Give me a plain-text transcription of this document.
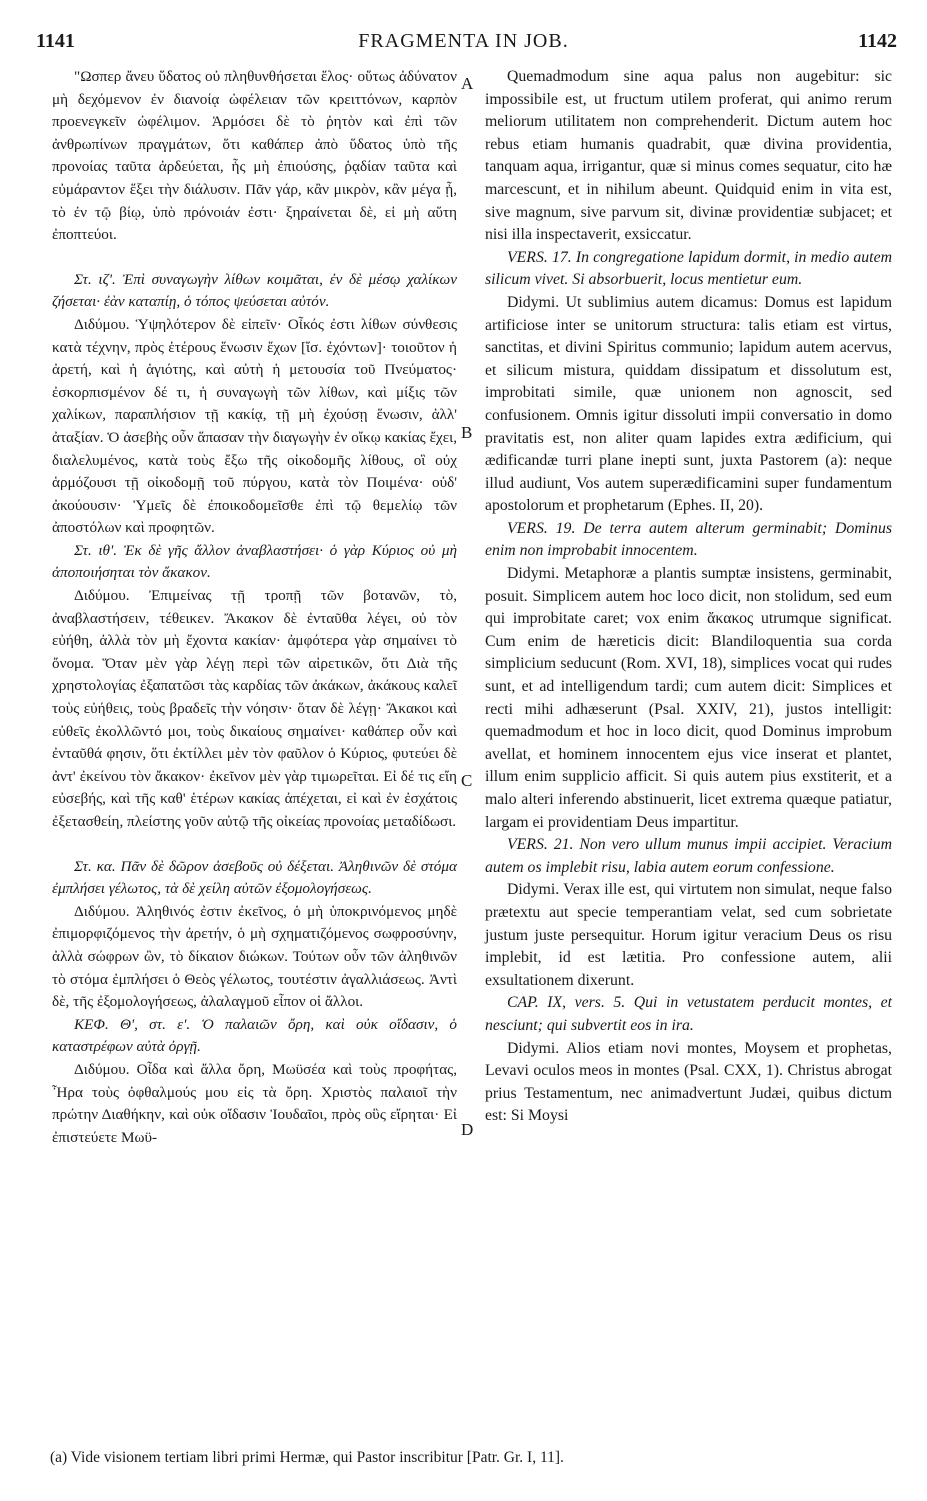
1141	FRAGMENTA IN JOB.	1142

"Ωσπερ ἄνευ ὕδατος οὐ πληθυνθήσεται ἕλος· οὕτως ἀδύνατον μὴ δεχόμενον ἐν διανοίᾳ ὠφέλειαν τῶν κρειττόνων, καρπὸν προενεγκεῖν ὠφέλιμον. Ἁρμόσει δὲ τὸ ῥητὸν καὶ ἐπὶ τῶν ἀνθρωπίνων πραγμάτων, ὅτι καθάπερ ἀπὸ ὕδατος ὑπὸ τῆς προνοίας ταῦτα ἀρδεύεται, ἧς μὴ ἐπιούσης, ῥᾳδίαν ταῦτα καὶ εὐμάραντον ἕξει τὴν διάλυσιν. Πᾶν γάρ, κἂν μικρὸν, κἂν μέγα ᾖ, τὸ ἐν τῷ βίῳ, ὑπὸ πρόνοιάν ἐστι· ξηραίνεται δὲ, εἰ μὴ αὕτη ἐποπτεύοι.

Στ. ιζ'. Ἐπὶ συναγωγὴν λίθων κοιμᾶται, ἐν δὲ μέσῳ χαλίκων ζήσεται· ἐὰν καταπίῃ, ὁ τόπος ψεύσεται αὐτόν.

Διδύμου. Ὑψηλότερον δὲ εἰπεῖν· Οἶκός ἐστι λίθων σύνθεσις κατὰ τέχνην, πρὸς ἑτέρους ἕνωσιν ἔχων [ἴσ. ἐχόντων]· τοιοῦτον ἡ ἀρετή, καὶ ἡ ἁγιότης, καὶ αὐτὴ ἡ μετουσία τοῦ Πνεύματος· ἐσκορπισμένον δέ τι, ἡ συναγωγὴ τῶν λίθων, καὶ μίξις τῶν χαλίκων, παραπλήσιον τῇ κακίᾳ, τῇ μὴ ἐχούσῃ ἕνωσιν, ἀλλ' ἀταξίαν. Ὁ ἀσεβὴς οὖν ἅπασαν τὴν διαγωγὴν ἐν οἴκῳ κακίας ἔχει, διαλελυμένος, κατὰ τοὺς ἔξω τῆς οἰκοδομῆς λίθους, οἳ οὐχ ἁρμόζουσι τῇ οἰκοδομῇ τοῦ πύργου, κατὰ τὸν Ποιμένα· οὐδ' ἀκούουσιν· Ὑμεῖς δὲ ἐποικοδομεῖσθε ἐπὶ τῷ θεμελίῳ τῶν ἀποστόλων καὶ προφητῶν.

Στ. ιθ'. Ἐκ δὲ γῆς ἄλλον ἀναβλαστήσει· ὁ γὰρ Κύριος οὐ μὴ ἀποποιήσηται τὸν ἄκακον.

Διδύμου. Ἐπιμείνας τῇ τροπῇ τῶν βοτανῶν, τὸ, ἀναβλαστήσειν, τέθεικεν. Ἄκακον δὲ ἐνταῦθα λέγει, οὐ τὸν εὐήθη, ἀλλὰ τὸν μὴ ἔχοντα κακίαν· ἀμφότερα γὰρ σημαίνει τὸ ὄνομα. Ὅταν μὲν γὰρ λέγῃ περὶ τῶν αἱρετικῶν, ὅτι Διὰ τῆς χρηστολογίας ἐξαπατῶσι τὰς καρδίας τῶν ἀκάκων, ἀκάκους καλεῖ τοὺς εὐήθεις, τοὺς βραδεῖς τὴν νόησιν· ὅταν δὲ λέγῃ· Ἄκακοι καὶ εὐθεῖς ἐκολλῶντό μοι, τοὺς δικαίους σημαίνει· καθάπερ οὖν καὶ ἐνταῦθά φησιν, ὅτι ἐκτίλλει μὲν τὸν φαῦλον ὁ Κύριος, φυτεύει δὲ ἀντ' ἐκείνου τὸν ἄκακον· ἐκεῖνον μὲν γὰρ τιμωρεῖται. Εἰ δέ τις εἴη εὐσεβής, καὶ τῆς καθ' ἑτέρων κακίας ἀπέχεται, εἰ καὶ ἐν ἐσχάτοις ἐξετασθείη, πλείστης γοῦν αὐτῷ τῆς οἰκείας προνοίας μεταδίδωσι.

Στ. κα. Πᾶν δὲ δῶρον ἀσεβοῦς οὐ δέξεται. Ἀληθινῶν δὲ στόμα ἐμπλήσει γέλωτος, τὰ δὲ χείλη αὐτῶν ἐξομολογήσεως.

Διδύμου. Ἀληθινός ἐστιν ἐκεῖνος, ὁ μὴ ὑποκρινόμενος μηδὲ ἐπιμορφιζόμενος τὴν ἀρετήν, ὁ μὴ σχηματιζόμενος σωφροσύνην, ἀλλὰ σώφρων ὢν, τὸ δίκαιον διώκων. Τούτων οὖν τῶν ἀληθινῶν τὸ στόμα ἐμπλήσει ὁ Θεὸς γέλωτος, τουτέστιν ἀγαλλιάσεως. Ἀντὶ δὲ, τῆς ἐξομολογήσεως, ἀλαλαγμοῦ εἶπον οἱ ἄλλοι.

ΚΕΦ. Θ', στ. ε'. Ὁ παλαιῶν ὄρη, καὶ οὐκ οἴδασιν, ὁ καταστρέφων αὐτὰ ὀργῇ.

Διδύμου. Οἶδα καὶ ἄλλα ὄρη, Μωϋσέα καὶ τοὺς προφήτας, Ἦρα τοὺς ὀφθαλμούς μου εἰς τὰ ὄρη. Χριστὸς παλαιοῖ τὴν πρώτην Διαθήκην, καὶ οὐκ οἴδασιν Ἰουδαῖοι, πρὸς οὓς εἴρηται· Εἰ ἐπιστεύετε Μωϋ-

A
B
C
D

Quemadmodum sine aqua palus non augebitur: sic impossibile est, ut fructum utilem proferat, qui animo rerum meliorum utilitatem non comprehenderit. Dictum autem hoc rebus etiam humanis quadrabit, quæ divina providentia, tanquam aqua, irrigantur, quæ si minus comes sequatur, cito hæ marcescunt, et in nihilum abeunt. Quidquid enim in vita est, sive magnum, sive parvum sit, divinæ providentiæ subjacet; et nisi illa inspectaverit, exsiccatur.

VERS. 17. In congregatione lapidum dormit, in medio autem silicum vivet. Si absorbuerit, locus mentietur eum.

Didymi. Ut sublimius autem dicamus: Domus est lapidum artificiose inter se unitorum structura: talis etiam est virtus, sanctitas, et divini Spiritus communio; lapidum autem acervus, et silicum mistura, quiddam dissipatum et dissolutum est, improbitati simile, quæ unionem non agnoscit, sed confusionem. Omnis igitur dissoluti impii conversatio in domo pravitatis est, non aliter quam lapides extra ædificium, qui ædificandæ turri plane inepti sunt, juxta Pastorem (a): neque illud audiunt, Vos autem superædificamini super fundamentum apostolorum et prophetarum (Ephes. II, 20).

VERS. 19. De terra autem alterum germinabit; Dominus enim non improbabit innocentem.

Didymi. Metaphoræ a plantis sumptæ insistens, germinabit, posuit. Simplicem autem hoc loco dicit, non stolidum, sed eum qui improbitate caret; vox enim ἄκακος utrumque significat. Cum enim de hæreticis dicit: Blandiloquentia sua corda simplicium seducunt (Rom. XVI, 18), simplices vocat qui rudes sunt, et ad intelligendum tardi; cum autem dicit: Simplices et recti mihi adhæserunt (Psal. XXIV, 21), justos intelligit: quemadmodum et hoc in loco dicit, quod Dominus improbum avellat, et hominem innocentem ejus vice inserat et plantet, illum enim supplicio afficit. Si quis autem pius exstiterit, et a malo alteri inferendo abstinuerit, licet extrema quæque patiatur, largam ei providentiam Deus impartitur.

VERS. 21. Non vero ullum munus impii accipiet. Veracium autem os implebit risu, labia autem eorum confessione.

Didymi. Verax ille est, qui virtutem non simulat, neque falso prætextu aut specie temperantiam velat, sed cum sobrietate justum juste persequitur. Horum igitur veracium Deus os risu implebit, id est lætitia. Pro confessione autem, alii exsultationem dixerunt.

CAP. IX, vers. 5. Qui in vetustatem perducit montes, et nesciunt; qui subvertit eos in ira.

Didymi. Alios etiam novi montes, Moysem et prophetas, Levavi oculos meos in montes (Psal. CXX, 1). Christus abrogat prius Testamentum, nec animadvertunt Judæi, quibus dictum est: Si Moysi

(a) Vide visionem tertiam libri primi Hermæ, qui Pastor inscribitur [Patr. Gr. I, 11].
